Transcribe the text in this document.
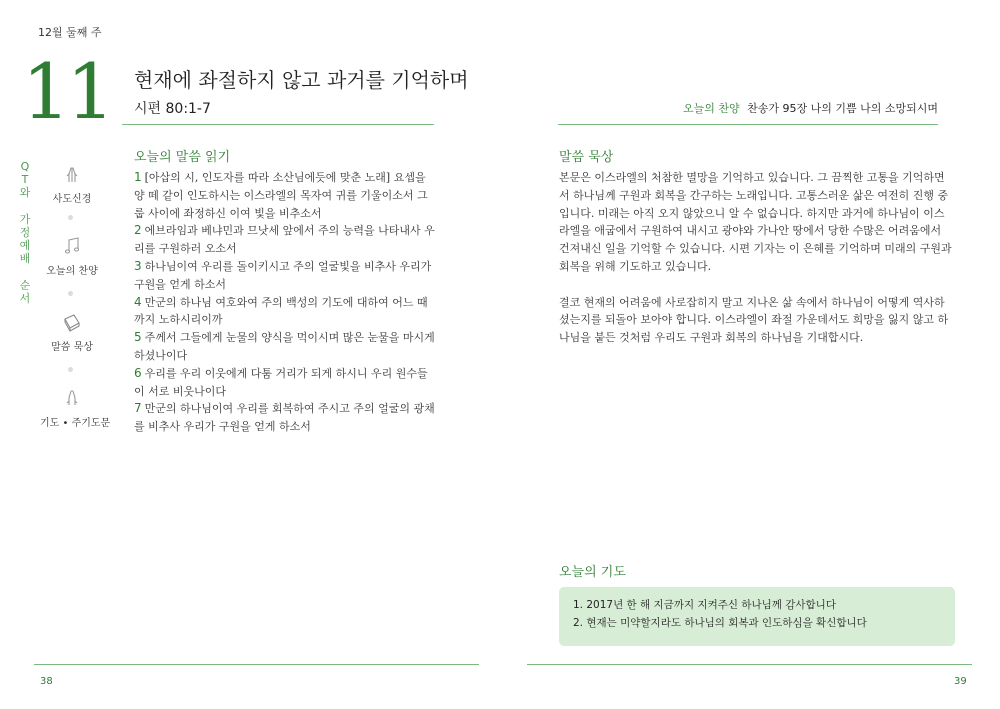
12월 둘째 주
11 현재에 좌절하지 않고 과거를 기억하며
시편 80:1-7	오늘의 찬양 찬송가 95장 나의 기쁨 나의 소망되시며
QT와
가정예배
순서
사도신경
오늘의 찬양
말씀 묵상
기도 • 주기도문
오늘의 말씀 읽기
1 [아삽의 시, 인도자를 따라 소산님에듯에 맞춘 노래] 요셉을 양 떼 같이 인도하시는 이스라엘의 목자여 귀를 기울이소서 그룹 사이에 좌정하신 이여 빛을 비추소서
2 에브라임과 베냐민과 므낫세 앞에서 주의 능력을 나타내사 우리를 구원하러 오소서
3 하나님이여 우리를 돌이키시고 주의 얼굴빛을 비추사 우리가 구원을 얻게 하소서
4 만군의 하나님 여호와여 주의 백성의 기도에 대하여 어느 때까지 노하시리이까
5 주께서 그들에게 눈물의 양식을 먹이시며 많은 눈물을 마시게 하셨나이다
6 우리를 우리 이웃에게 다툼 거리가 되게 하시니 우리 원수들이 서로 비웃나이다
7 만군의 하나님이여 우리를 회복하여 주시고 주의 얼굴의 광채를 비추사 우리가 구원을 얻게 하소서
말씀 묵상

본문은 이스라엘의 처참한 멸망을 기억하고 있습니다. 그 끔찍한 고통을 기억하면서 하나님께 구원과 회복을 간구하는 노래입니다. 고통스러운 삶은 여전히 진행 중입니다. 미래는 아직 오지 않았으니 알 수 없습니다. 하지만 과거에 하나님이 이스라엘을 애굽에서 구원하여 내시고 광야와 가나안 땅에서 당한 수많은 어려움에서 건져내신 일을 기억할 수 있습니다. 시편 기자는 이 은혜를 기억하며 미래의 구원과 회복을 위해 기도하고 있습니다.

결코 현재의 어려움에 사로잡히지 말고 지나온 삶 속에서 하나님이 어떻게 역사하셨는지를 되돌아 보아야 합니다. 이스라엘이 좌절 가운데서도 희망을 잃지 않고 하나님을 붙든 것처럼 우리도 구원과 회복의 하나님을 기대합시다.

오늘의 기도
1. 2017년 한 해 지금까지 지켜주신 하나님께 감사합니다
2. 현재는 미약할지라도 하나님의 회복과 인도하심을 확신합니다
38	39
